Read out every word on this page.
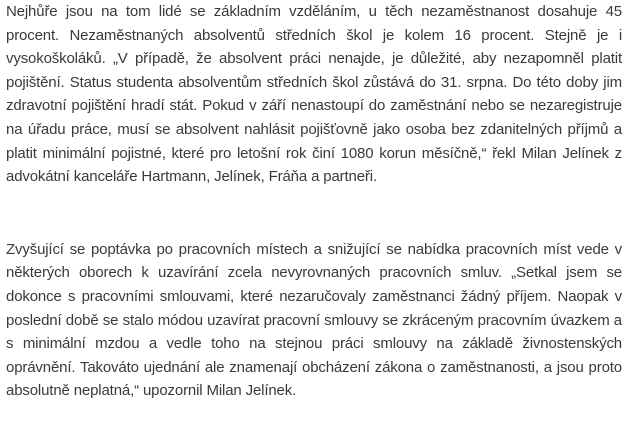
Nejhůře jsou na tom lidé se základním vzděláním, u těch nezaměstnanost dosahuje 45 procent. Nezaměstnaných absolventů středních škol je kolem 16 procent. Stejně je i vysokoškoláků. „V případě, že absolvent práci nenajde, je důležité, aby nezapomněl platit pojištění. Status studenta absolventům středních škol zůstává do 31. srpna. Do této doby jim zdravotní pojištění hradí stát. Pokud v září nenastoupí do zaměstnání nebo se nezaregistruje na úřadu práce, musí se absolvent nahlásit pojišťovně jako osoba bez zdanitelných příjmů a platit minimální pojistné, které pro letošní rok činí 1080 korun měsíčně,“ řekl Milan Jelínek z advokátní kanceláře Hartmann, Jelínek, Fráňa a partneři.

Zvyšující se poptávka po pracovních místech a snižující se nabídka pracovních míst vede v některých oborech k uzavírání zcela nevyrovnaných pracovních smluv. „Setkal jsem se dokonce s pracovními smlouvami, které nezaručovaly zaměstnanci žádný příjem. Naopak v poslední době se stalo módou uzavírat pracovní smlouvy se zkráceným pracovním úvazkem a s minimální mzdou a vedle toho na stejnou práci smlouvy na základě živnostenských oprávnění. Takováto ujednání ale znamenají obcházení zákona o zaměstnanosti, a jsou proto absolutně neplatná,“ upozornil Milan Jelínek.
